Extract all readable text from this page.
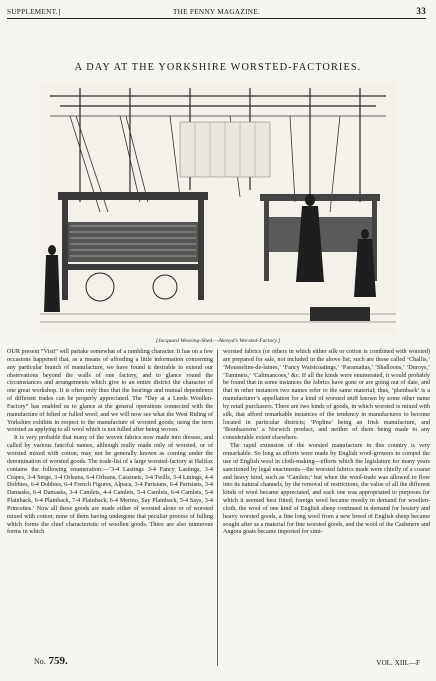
SUPPLEMENT.]	THE PENNY MAGAZINE.	33
A DAY AT THE YORKSHIRE WORSTED-FACTORIES.
[Jacquard Weaving-Shed.—Akroyd's Worsted-Factory.]

OUR present “Visit” will partake somewhat of a rambling character. It has on a few occasions happened that, as a means of affording a little information concerning any particular branch of manufacture, we have found it desirable to extend our observations beyond the walls of one factory, and to glance round the circumstances and arrangements which give to an entire district the character of one great workshop. It is often only thus that the bearings and mutual dependence of different trades can be properly appreciated. The “Day at a Leeds Woollen-Factory” has enabled us to glance at the general operations connected with the manufacture of felted or fulled wool; and we will now see what the West Riding of Yorkshire exhibits in respect to the manufacture of worsted goods; using the term worsted as applying to all wool which is not fulled after being woven.

It is very probable that many of the woven fabrics now made into dresses, and called by various fanciful names, although really made only of worsted, or of worsted mixed with cotton, may not be generally known as coming under the denomination of worsted goods. The trade-list of a large worsted-factory at Halifax contains the following enumeration:—‘3-4 Lastings 3-4 Fancy Lastings, 3-4 Crapes, 3-4 Serge, 3-4 Orleans, 6-4 Orleans, Cassinets, 3-4 Twills, 3-4 Linings, 4-4 Dobbies, 6-4 Dobbies, 6-4 French Figures, Alpaca, 3-4 Parisians, 6-4 Parisians, 3-4 Damasks, 6-4 Damasks, 3-4 Camlets, 4-4 Camlets, 5-4 Camlets, 6-4 Camlets, 5-4 Plainback, 6-4 Plainback, 7-4 Plainback, 6-4 Merino, Say Plainback, 5-4 Says, 3-4 Princettes.’ Now all these goods are made either of worsted alone or of worsted mixed with cotton; none of them having undergone that peculiar process of fulling which forms the chief characteristic of woollen goods. There are also numerous forms in which

worsted fabrics (or others in which either silk or cotton is combined with worsted) are prepared for sale, not included in the above list; such are those called ‘Challis,’ ‘Mousseline-de-laines,’ ‘Fancy Waistcoatings,’ ‘Paramattas,’ ‘Shalloons,’ ‘Duroys,’ ‘Taminets,’ ‘Calimancoes,’ &c. If all the kinds were enumerated, it would probably be found that in some instances the fabrics have gone or are going out of date, and that in other instances two names refer to the same material; thus, ‘plainback’ is a manufacturer’s appellation for a kind of worsted stuff known by some other name by retail purchasers. There are two kinds of goods, in which worsted is mixed with silk, that afford remarkable instances of the tendency in manufactures to become located in particular districts; ‘Poplins’ being an Irish manufacture, and ‘Bombazeens’ a Norwich product, and neither of them being made to any considerable extent elsewhere.

The rapid extension of the worsted manufacture in this country is very remarkable. So long as efforts were made by English wool-growers to compel the use of English wool in cloth-making—efforts which the legislature for many years sanctioned by legal enactments—the worsted fabrics made were chiefly of a coarse and heavy kind, such as ‘Camlets;’ but when the wool-trade was allowed to flow into its natural channels, by the removal of restrictions, the value of all the different kinds of wool became appreciated, and each one was appropriated to purposes for which it seemed best fitted; foreign wool became mostly in demand for woollen-cloth, the wool of one kind of English sheep continued in demand for hosiery and heavy worsted goods, a fine long wool from a new breed of English sheep became sought after as a material for fine worsted goods, and the wool of the Cashmere and Angora goats became imported for simi-

No. 759.	VOL. XIII.—F
